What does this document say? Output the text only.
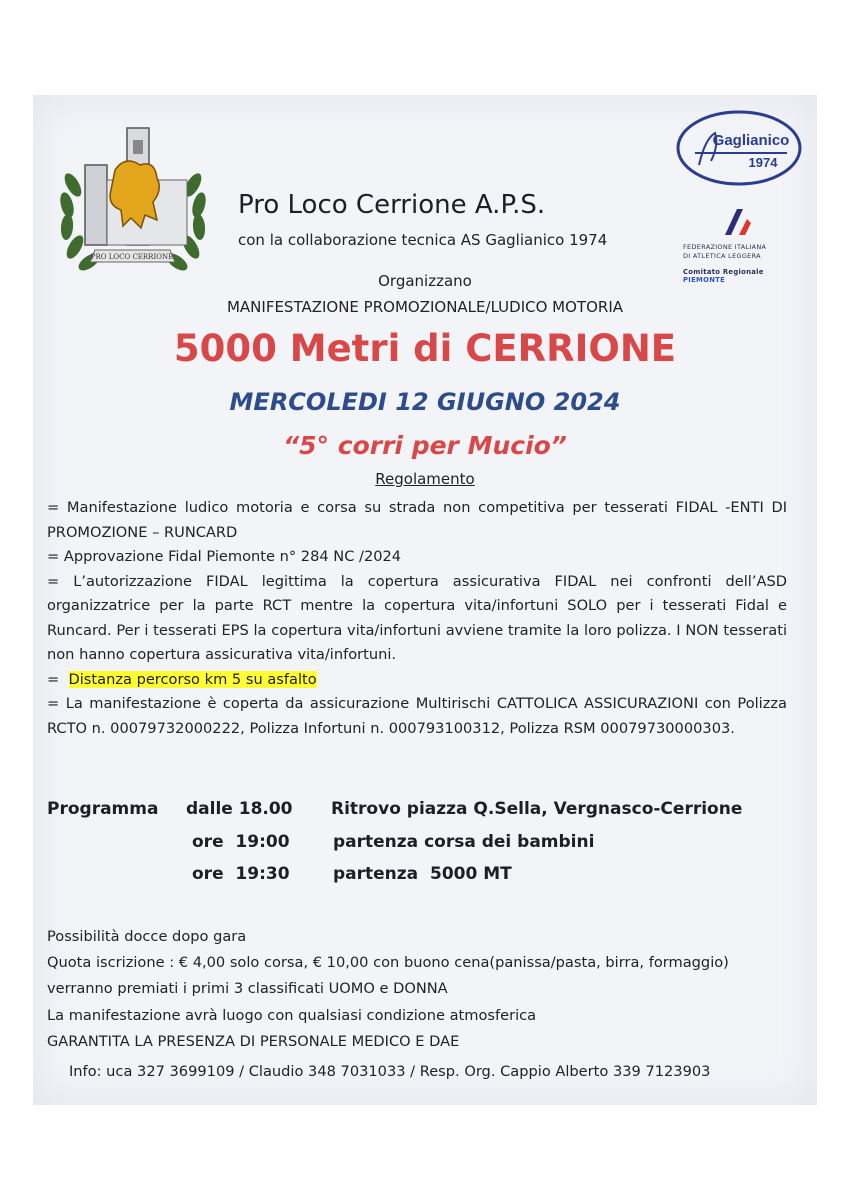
PRO LOCO CERRIONE
Gaglianico
1974
FEDERAZIONE ITALIANA
DI ATLETICA LEGGERA
Comitato Regionale PIEMONTE
Pro Loco Cerrione A.P.S.
con la collaborazione tecnica AS Gaglianico 1974
Organizzano
MANIFESTAZIONE PROMOZIONALE/LUDICO MOTORIA
5000 Metri di CERRIONE
MERCOLEDI 12 GIUGNO 2024
“5° corri per Mucio”
Regolamento

= Manifestazione ludico motoria e corsa su strada non competitiva per tesserati FIDAL -ENTI DI PROMOZIONE – RUNCARD

= Approvazione Fidal Piemonte n° 284 NC /2024

= L’autorizzazione FIDAL legittima la copertura assicurativa FIDAL nei confronti dell’ASD organizzatrice per la parte RCT mentre la copertura vita/infortuni SOLO per i tesserati Fidal e Runcard. Per i tesserati EPS la copertura vita/infortuni avviene tramite la loro polizza. I NON tesserati non hanno copertura assicurativa vita/infortuni.

=  Distanza percorso km 5 su asfalto

= La manifestazione è coperta da assicurazione Multirischi CATTOLICA ASSICURAZIONI con Polizza RCTO n. 00079732000222, Polizza Infortuni n. 000793100312, Polizza RSM 00079730000303.

Programma dalle 18.00 Ritrovo piazza Q.Sella, Vergnasco-Cerrione
ore  19:00	partenza corsa dei bambini
ore  19:30	partenza  5000 MT
Possibilità docce dopo gara
Quota iscrizione : € 4,00 solo corsa, € 10,00 con buono cena(panissa/pasta, birra, formaggio)
verranno premiati i primi 3 classificati UOMO e DONNA
La manifestazione avrà luogo con qualsiasi condizione atmosferica
GARANTITA LA PRESENZA DI PERSONALE MEDICO E DAE
Info: uca 327 3699109 / Claudio 348 7031033 / Resp. Org. Cappio Alberto 339 7123903
